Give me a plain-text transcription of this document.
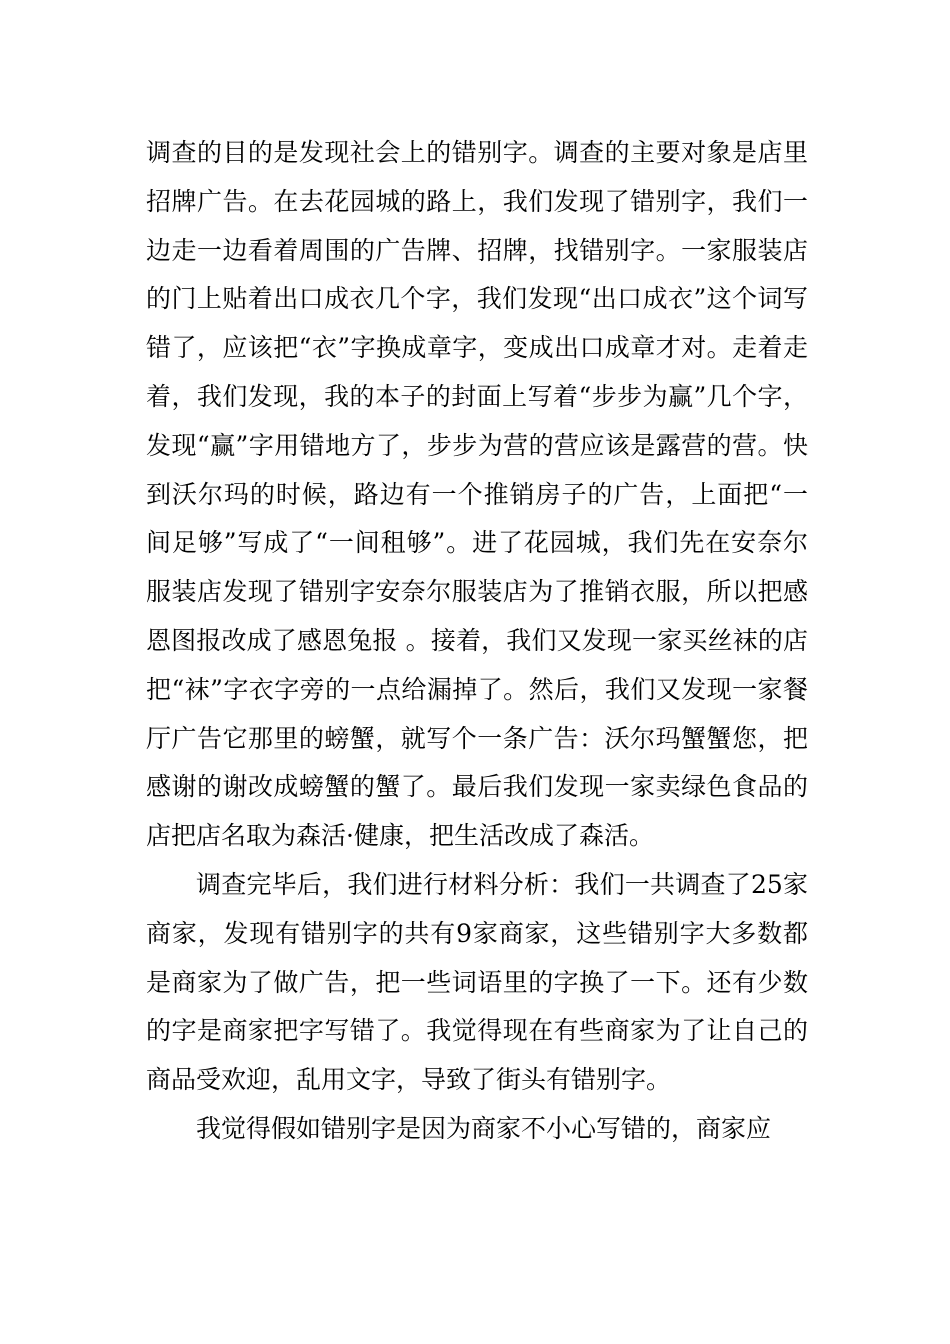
调查的目的是发现社会上的错别字。调查的主要对象是店里招牌广告。在去花园城的路上，我们发现了错别字，我们一边走一边看着周围的广告牌、招牌，找错别字。一家服装店的门上贴着出口成衣几个字，我们发现“出口成衣”这个词写错了，应该把“衣”字换成章字，变成出口成章才对。走着走着，我们发现，我的本子的封面上写着“步步为赢”几个字，发现“赢”字用错地方了，步步为营的营应该是露营的营。快到沃尔玛的时候，路边有一个推销房子的广告，上面把“一间足够”写成了“一间租够”。进了花园城，我们先在安奈尔服装店发现了错别字安奈尔服装店为了推销衣服，所以把感恩图报改成了感恩兔报 。接着，我们又发现一家买丝袜的店把“袜”字衣字旁的一点给漏掉了。然后，我们又发现一家餐厅广告它那里的螃蟹，就写个一条广告：沃尔玛蟹蟹您，把感谢的谢改成螃蟹的蟹了。最后我们发现一家卖绿色食品的店把店名取为森活·健康，把生活改成了森活。

调查完毕后，我们进行材料分析：我们一共调查了25家商家，发现有错别字的共有9家商家，这些错别字大多数都是商家为了做广告，把一些词语里的字换了一下。还有少数的字是商家把字写错了。我觉得现在有些商家为了让自己的商品受欢迎，乱用文字，导致了街头有错别字。

我觉得假如错别字是因为商家不小心写错的，商家应
